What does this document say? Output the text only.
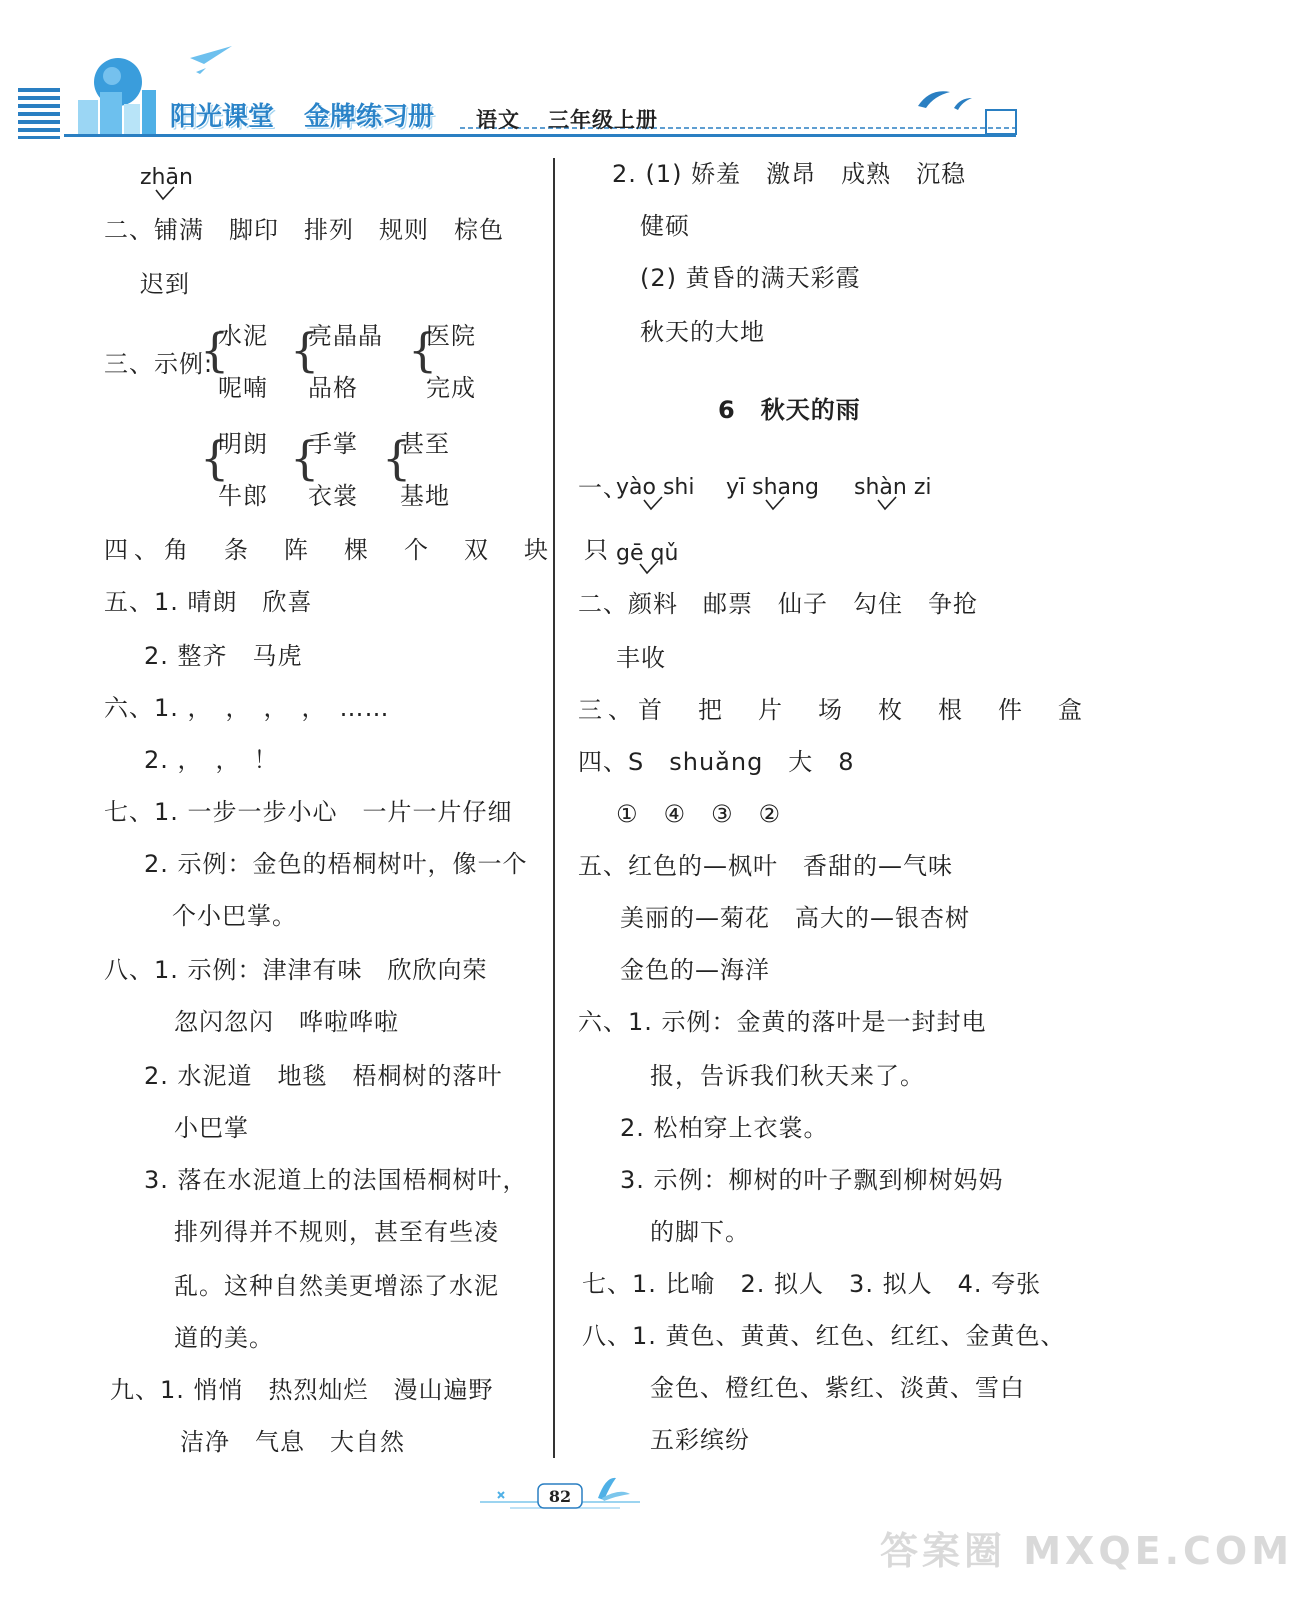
阳光课堂 金牌练习册 语文 三年级上册
zhān
二、铺满　脚印　排列　规则　棕色
迟到
三、示例:
{
水泥
呢喃
{
亮晶晶
品格
{
医院
完成
{
明朗
牛郎
{
手掌
衣裳
{
甚至
基地
四、角　条　阵　棵　个　双　块　只
五、1. 晴朗　欣喜
2. 整齐　马虎
六、1. ，　，　，　，　……
2. ，　，　！
七、1. 一步一步小心　一片一片仔细
2. 示例：金色的梧桐树叶，像一个
个小巴掌。
八、1. 示例：津津有味　欣欣向荣
忽闪忽闪　哗啦哗啦
2. 水泥道　地毯　梧桐树的落叶
小巴掌
3. 落在水泥道上的法国梧桐树叶，
排列得并不规则，甚至有些凌
乱。这种自然美更增添了水泥
道的美。
九、1. 悄悄　热烈灿烂　漫山遍野
洁净　气息　大自然
2. (1) 娇羞　激昂　成熟　沉稳
健硕
(2) 黄昏的满天彩霞
秋天的大地
6　秋天的雨
一、
yào shi yī shang shàn zi
gē qǔ
二、颜料　邮票　仙子　勾住　争抢
丰收
三、首　把　片　场　枚　根　件　盒
四、S　shuǎng　大　8
①　④　③　②
五、红色的—枫叶　香甜的—气味
美丽的—菊花　高大的—银杏树
金色的—海洋
六、1. 示例：金黄的落叶是一封封电
报，告诉我们秋天来了。
2. 松柏穿上衣裳。
3. 示例：柳树的叶子飘到柳树妈妈
的脚下。
七、1. 比喻　2. 拟人　3. 拟人　4. 夸张
八、1. 黄色、黄黄、红色、红红、金黄色、
金色、橙红色、紫红、淡黄、雪白
五彩缤纷
82
答案圈 MXQE.COM
